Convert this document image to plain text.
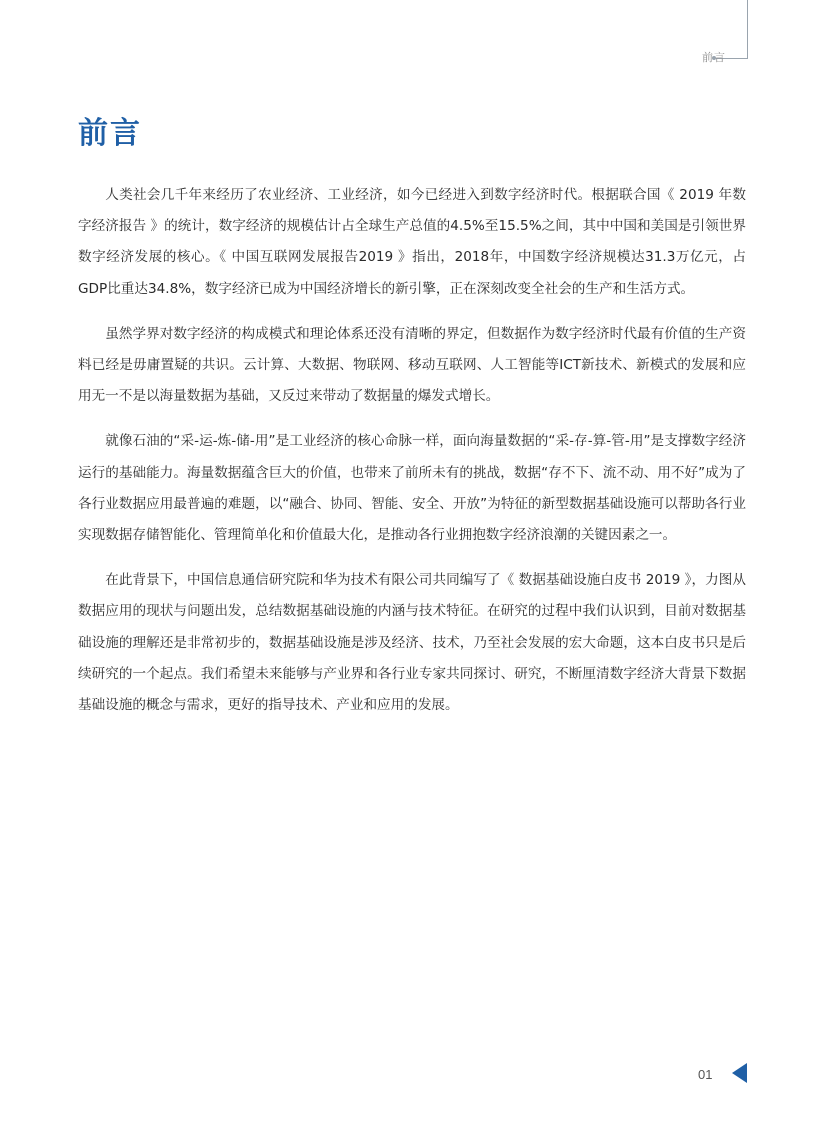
前言
前言

人类社会几千年来经历了农业经济、工业经济，如今已经进入到数字经济时代。根据联合国《 2019 年数字经济报告 》的统计，数字经济的规模估计占全球生产总值的4.5%至15.5%之间，其中中国和美国是引领世界数字经济发展的核心。《 中国互联网发展报告2019 》指出，2018年，中国数字经济规模达31.3万亿元，占GDP比重达34.8%，数字经济已成为中国经济增长的新引擎，正在深刻改变全社会的生产和生活方式。

虽然学界对数字经济的构成模式和理论体系还没有清晰的界定，但数据作为数字经济时代最有价值的生产资料已经是毋庸置疑的共识。云计算、大数据、物联网、移动互联网、人工智能等ICT新技术、新模式的发展和应用无一不是以海量数据为基础，又反过来带动了数据量的爆发式增长。

就像石油的“采-运-炼-储-用”是工业经济的核心命脉一样，面向海量数据的“采-存-算-管-用”是支撑数字经济运行的基础能力。海量数据蕴含巨大的价值，也带来了前所未有的挑战，数据“存不下、流不动、用不好”成为了各行业数据应用最普遍的难题，以“融合、协同、智能、安全、开放”为特征的新型数据基础设施可以帮助各行业实现数据存储智能化、管理简单化和价值最大化，是推动各行业拥抱数字经济浪潮的关键因素之一。

在此背景下，中国信息通信研究院和华为技术有限公司共同编写了《 数据基础设施白皮书 2019 》，力图从数据应用的现状与问题出发，总结数据基础设施的内涵与技术特征。在研究的过程中我们认识到，目前对数据基础设施的理解还是非常初步的，数据基础设施是涉及经济、技术，乃至社会发展的宏大命题，这本白皮书只是后续研究的一个起点。我们希望未来能够与产业界和各行业专家共同探讨、研究，不断厘清数字经济大背景下数据基础设施的概念与需求，更好的指导技术、产业和应用的发展。

01
